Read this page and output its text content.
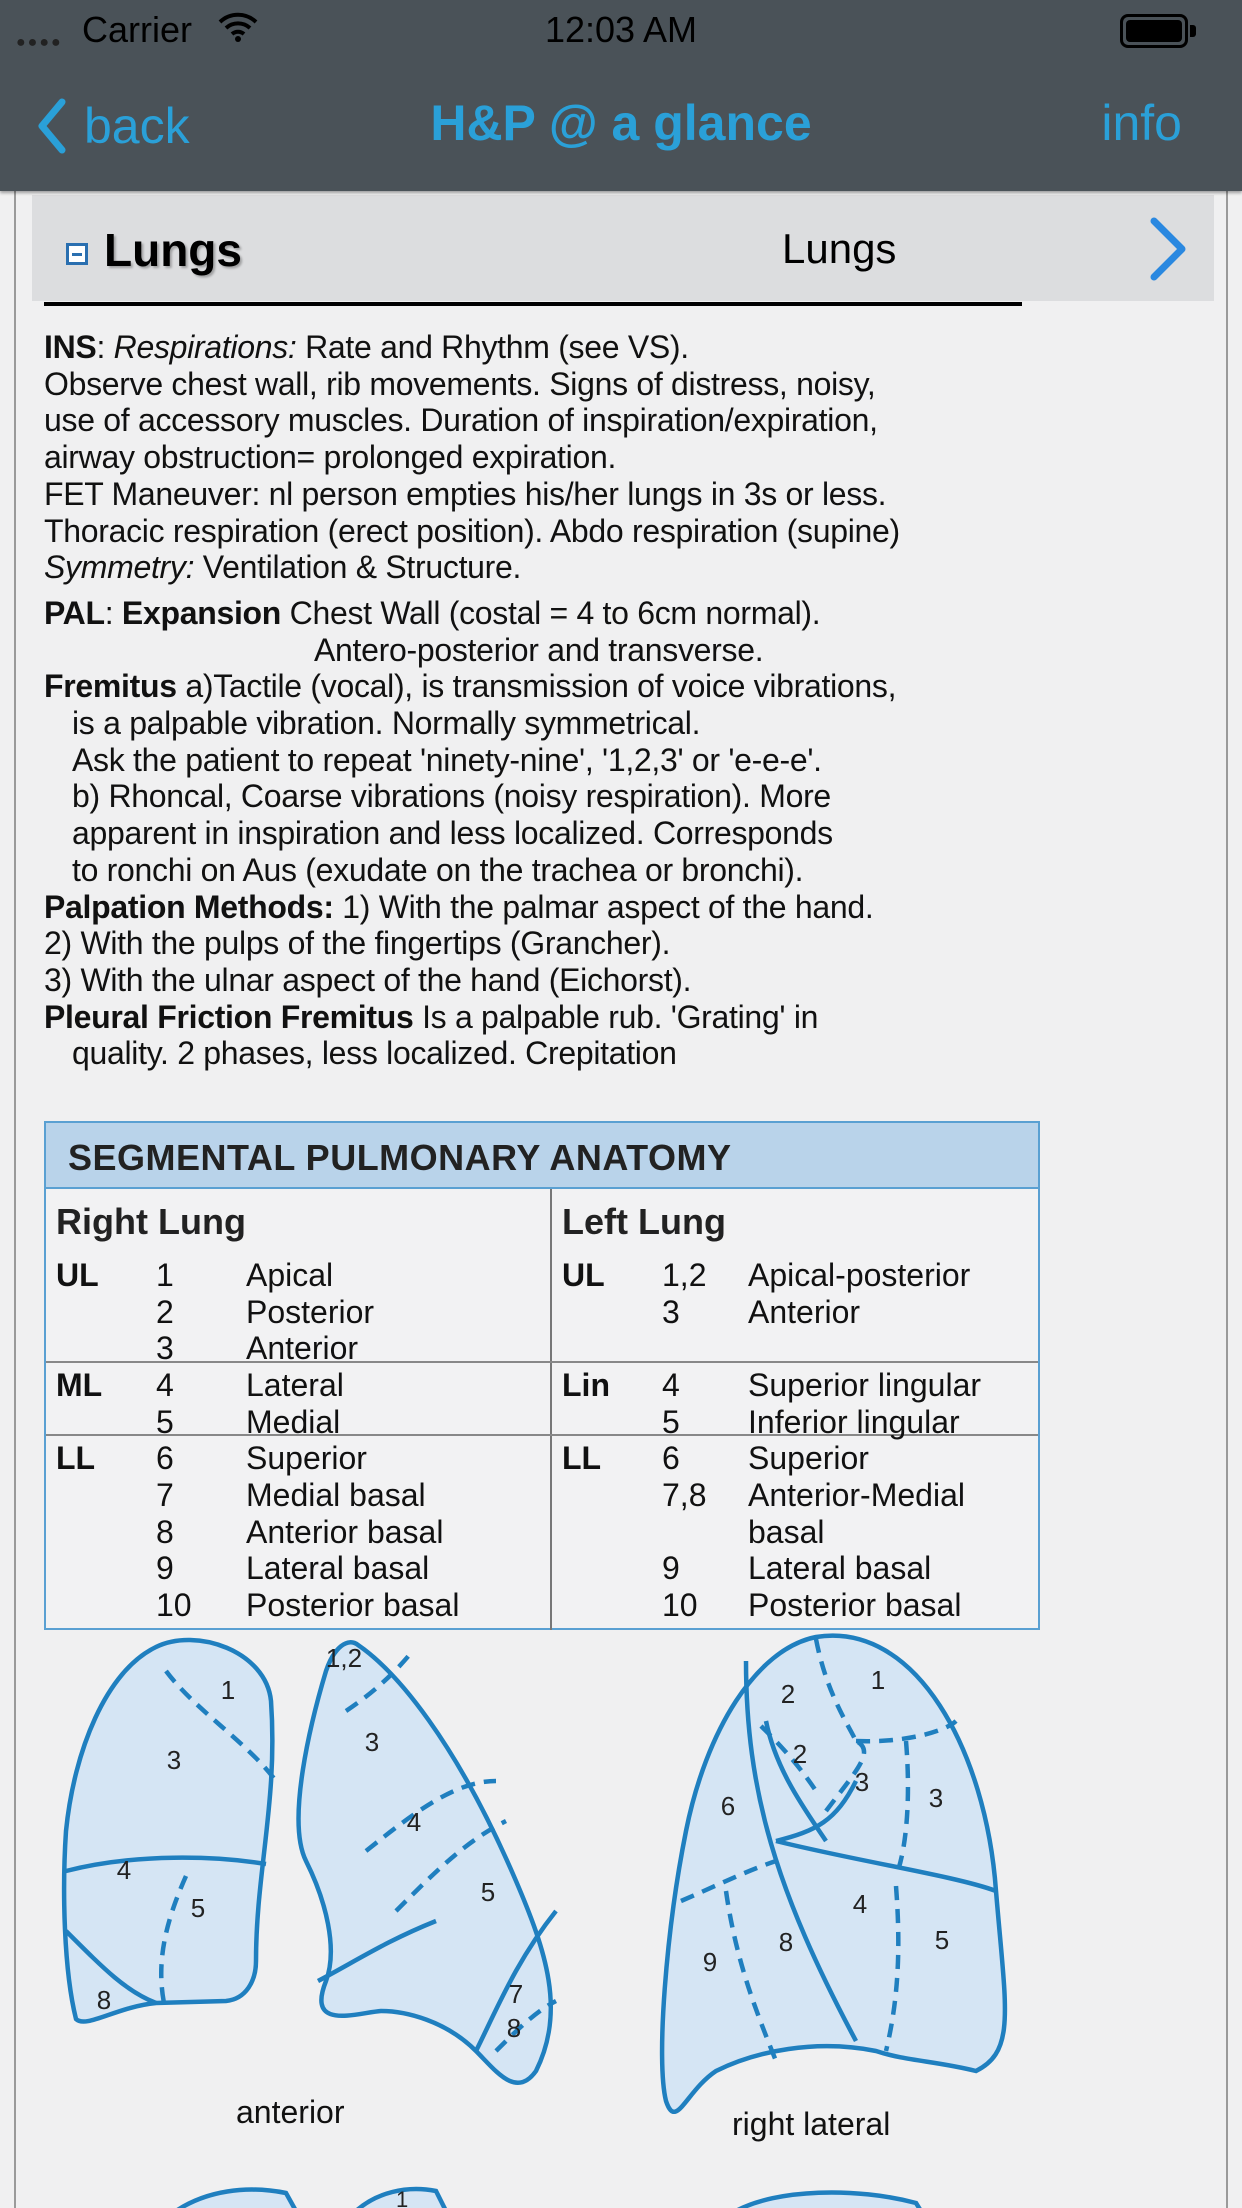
●●●● Carrier	12:03 AM
back	H&P @ a glance	info
Lungs	Lungs

INS: Respirations: Rate and Rhythm (see VS).

Observe chest wall, rib movements. Signs of distress, noisy,

use of accessory muscles. Duration of inspiration/expiration,

airway obstruction= prolonged expiration.

FET Maneuver: nl person empties his/her lungs in 3s or less.

Thoracic respiration (erect position). Abdo respiration (supine)

Symmetry: Ventilation & Structure.

PAL: Expansion Chest Wall (costal = 4 to 6cm normal).

Antero-posterior and transverse.

Fremitus a)Tactile (vocal), is transmission of voice vibrations,

is a palpable vibration. Normally symmetrical.

Ask the patient to repeat 'ninety-nine', '1,2,3' or 'e-e-e'.

b) Rhoncal, Coarse vibrations (noisy respiration). More

apparent in inspiration and less localized. Corresponds

to ronchi on Aus (exudate on the trachea or bronchi).

Palpation Methods: 1) With the palmar aspect of the hand.

2) With the pulps of the fingertips (Grancher).

3) With the ulnar aspect of the hand (Eichorst).

Pleural Friction Fremitus Is a palpable rub. 'Grating' in

quality. 2 phases, less localized. Crepitation

SEGMENTAL PULMONARY ANATOMY
Right Lung	Left Lung
UL 1 Apical
2 Posterior
3 Anterior
ML 4 Lateral
5 Medial
LL 6 Superior
7 Medial basal
8 Anterior basal
9 Lateral basal
10 Posterior basal
UL 1,2 Apical-posterior
3 Anterior
Lin 4 Superior lingular
5 Inferior lingular
LL 6 Superior
7,8 Anterior-Medial
basal
9 Lateral basal
10 Posterior basal
1
3
4
5
8
1,2
3
4
5
7
8
2	1
2
3
3
6
4
8	5
9
anterior	right lateral
1
